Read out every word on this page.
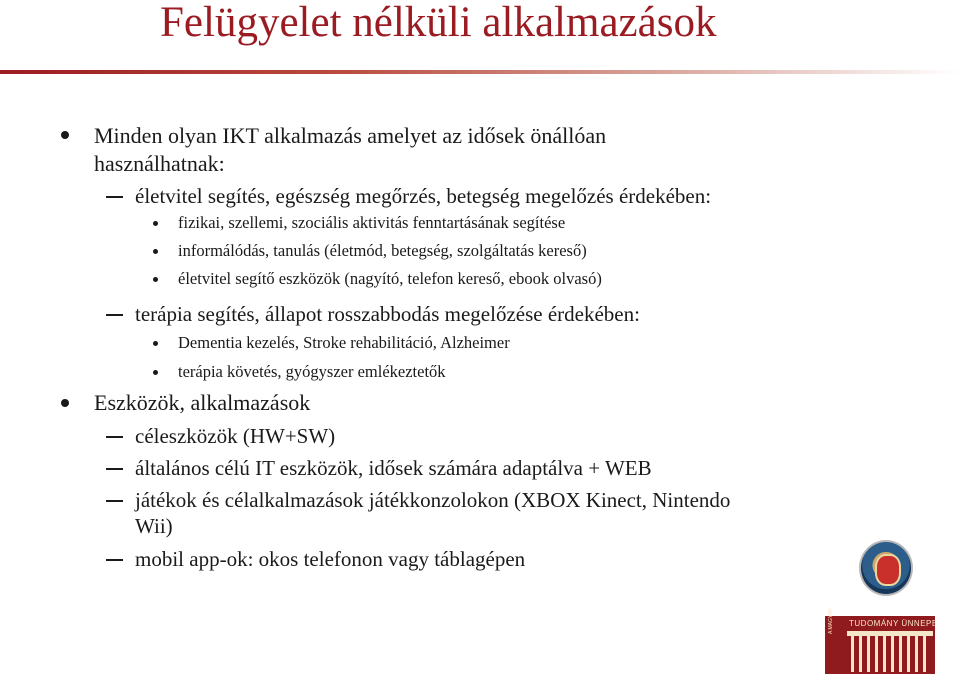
Felügyelet nélküli alkalmazások
Minden olyan IKT alkalmazás amelyet az idősek önállóan
használhatnak:
életvitel segítés, egészség megőrzés, betegség megelőzés érdekében:
fizikai, szellemi, szociális aktivitás fenntartásának segítése
informálódás, tanulás (életmód, betegség, szolgáltatás kereső)
életvitel segítő eszközök (nagyító, telefon kereső, ebook olvasó)
terápia segítés, állapot rosszabbodás megelőzése érdekében:
Dementia kezelés, Stroke rehabilitáció, Alzheimer
terápia követés, gyógyszer emlékeztetők
Eszközök, alkalmazások
céleszközök (HW+SW)
általános célú IT eszközök, idősek számára adaptálva + WEB
játékok és célalkalmazások játékkonzolokon (XBOX Kinect, Nintendo
Wii)
mobil app-ok: okos telefonon vagy táblagépen
TUDOMÁNY ÜNNEPE
A MAGYAR
